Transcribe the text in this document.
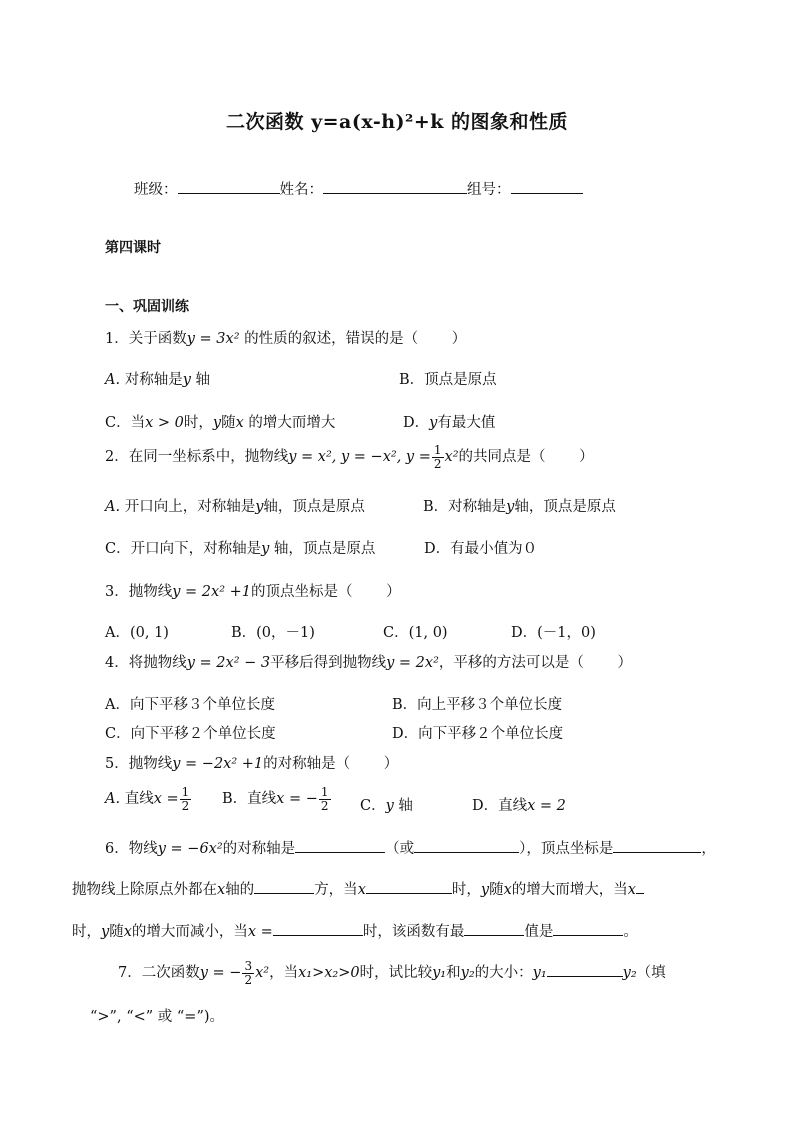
二次函数 y=a(x-h)²+k 的图象和性质
班级：	姓名：	组号：
第四课时
一、巩固训练
1．关于函数y = 3x² 的性质的叙述，错误的是（　　 ）
A. 对称轴是y 轴	B．顶点是原点
C．当x > 0时，y随x 的增大而增大	D．y有最大值
2．在同一坐标系中，抛物线y = x², y = −x², $y = \frac{1}{2} x^2$的共同点是（　　 ）
A. 开口向上，对称轴是y轴，顶点是原点	B．对称轴是y轴，顶点是原点
C．开口向下，对称轴是y 轴，顶点是原点	D．有最小值为０
3．抛物线y = 2x² +1的顶点坐标是（　　 ）
A．(0, 1)	B．(0，－1)	C．(1, 0)	D．(－1，0)
4．将抛物线y = 2x² − 3平移后得到抛物线y = 2x²，平移的方法可以是（　　 ）
A．向下平移３个单位长度	B．向上平移３个单位长度
C．向下平移２个单位长度	D．向下平移２个单位长度
5．抛物线y = −2x² +1的对称轴是（　　 ）
A. 直线$x = \frac{1}{2}$ B．直线x = − $\frac{1}{2}$ C．y 轴	D．直线x = 2
6．物线y = −6x²的对称轴是	（或	），顶点坐标是	，
抛物线上除原点外都在x轴的	方，当x	时，y随x的增大而增大，当x
时，y随x的增大而减小，当x =	时，该函数有最	值是	。
7．二次函数y = − $\frac{3}{2} x^2$，当x₁>x₂>0时，试比较y₁和y₂的大小：y₁	y₂（填
“>”, “<” 或 “=”)。
